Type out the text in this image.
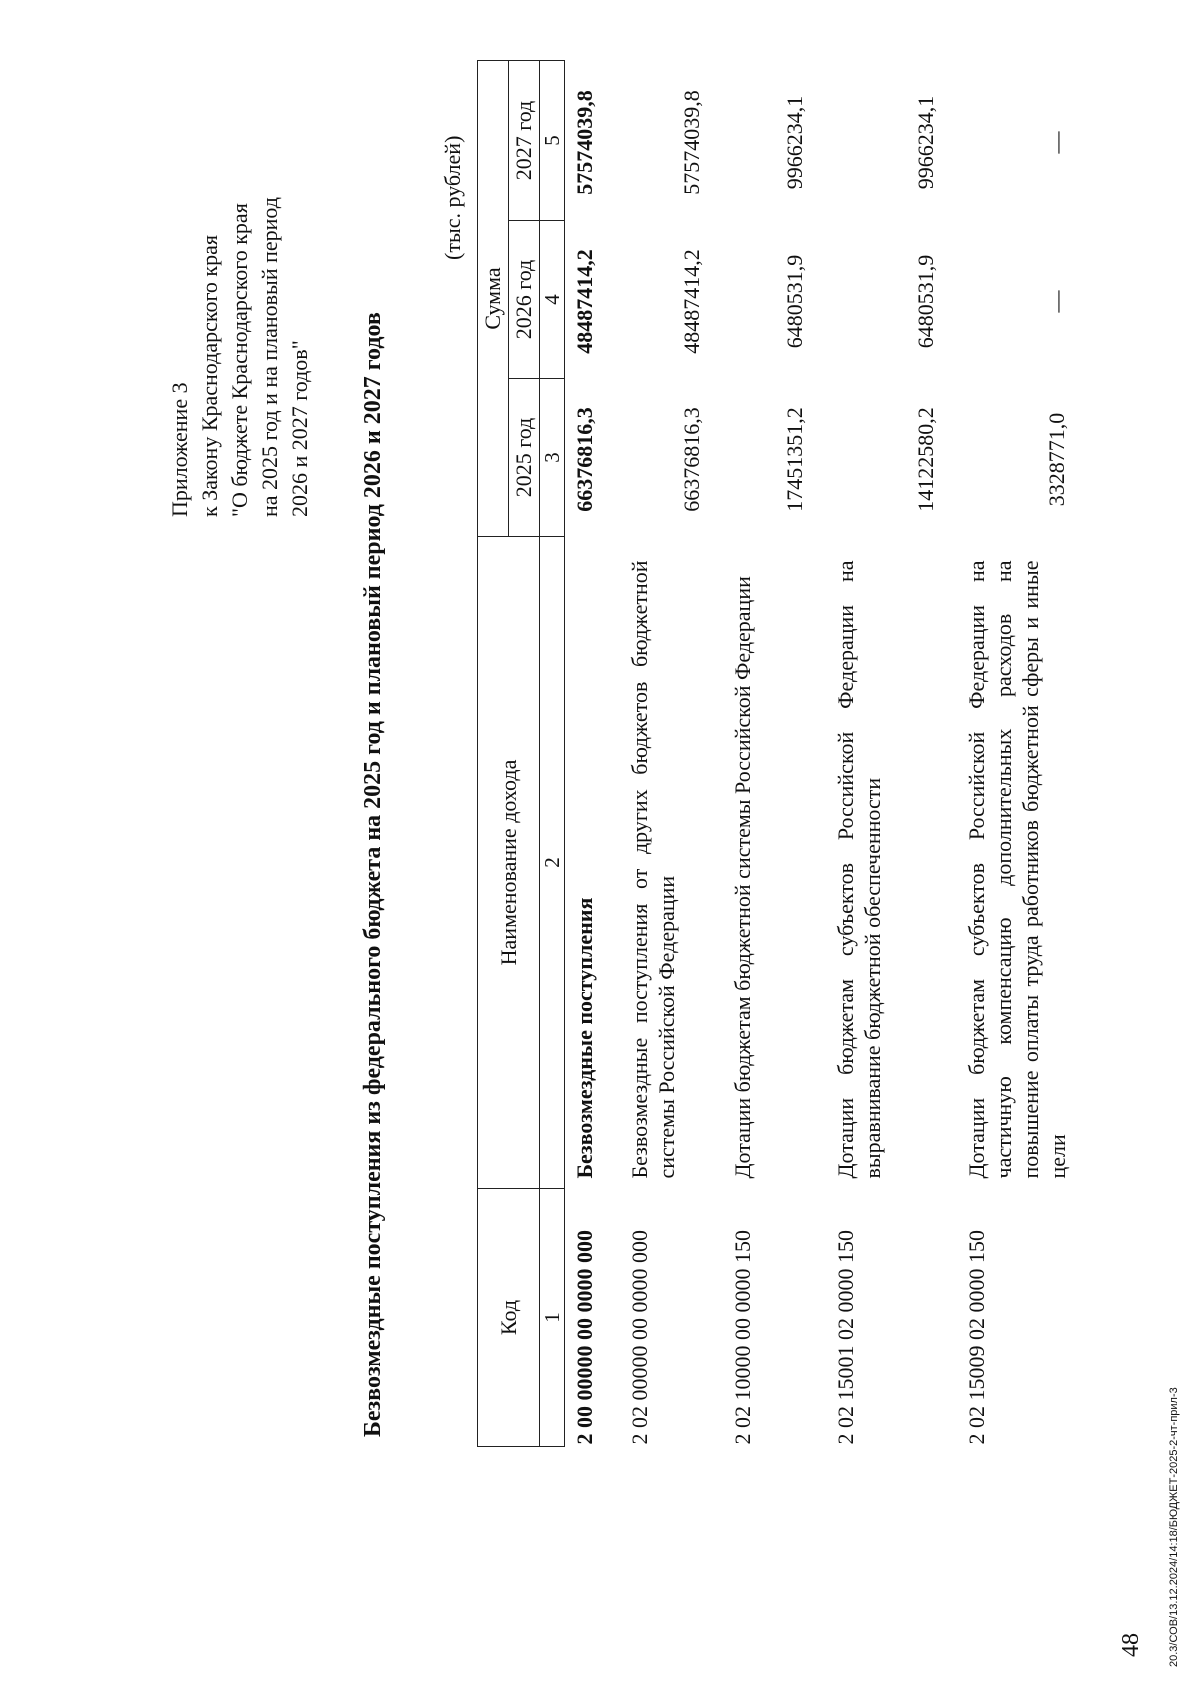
Приложение 3 к Закону Краснодарского края "О бюджете Краснодарского края на 2025 год и на плановый период 2026 и 2027 годов" Безвозмездные поступления из федерального бюджета на 2025 год и плановый период 2026 и 2027 годов
(тыс. рублей)
Код	Наименование дохода	Сумма		
		2025 год	2026 год	2027 год
1	2	3	4	5
2 00 00000 00 0000 000	Безвозмездные поступления	66376816,3	48487414,2	57574039,8
2 02 00000 00 0000 000	Безвозмездные поступления от других бюджетов бюджетной системы Российской Федерации	66376816,3	48487414,2	57574039,8
2 02 10000 00 0000 150	Дотации бюджетам бюджетной системы Российской Федерации	17451351,2	6480531,9	9966234,1
2 02 15001 02 0000 150	Дотации бюджетам субъектов Российской Федерации на выравнивание бюджетной обеспеченности	14122580,2	6480531,9	9966234,1
2 02 15009 02 0000 150	Дотации бюджетам субъектов Российской Федерации на частичную компенсацию дополнительных расходов на повышение оплаты труда работников бюджетной сферы и иные цели	3328771,0	—	—
48 20.3/СОВ/13.12.2024/14:18/БЮДЖЕТ-2025-2-чт-прил-3
